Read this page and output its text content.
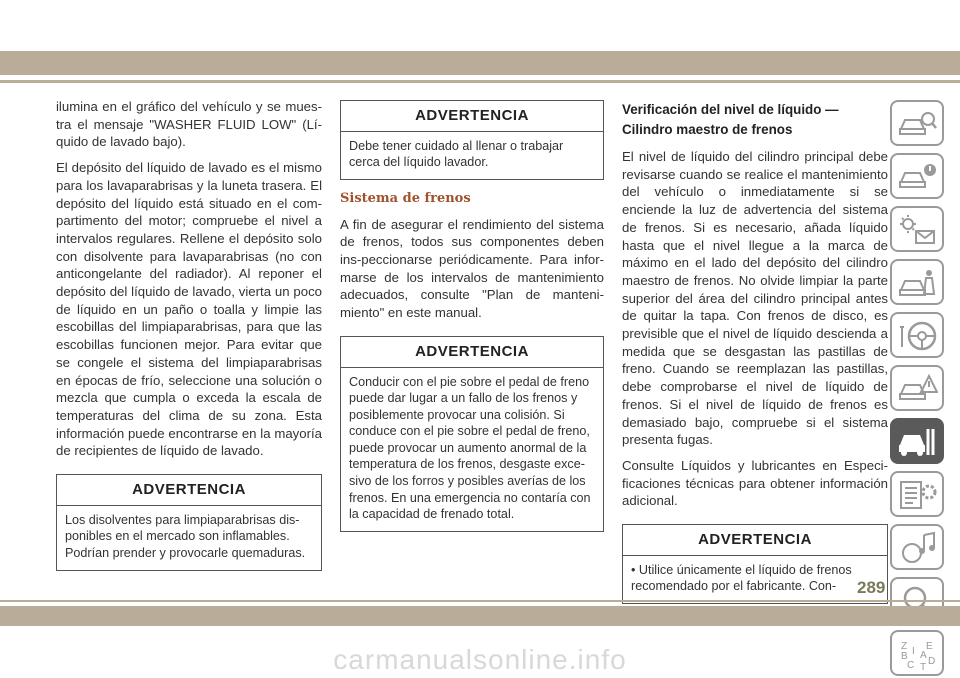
ilumina en el gráfico del vehículo y se mues-tra el mensaje "WASHER FLUID LOW" (Lí-quido de lavado bajo).

El depósito del líquido de lavado es el mismo para los lavaparabrisas y la luneta trasera. El depósito del líquido está situado en el com-partimento del motor; compruebe el nivel a intervalos regulares. Rellene el depósito solo con disolvente para lavaparabrisas (no con anticongelante del radiador). Al reponer el depósito del líquido de lavado, vierta un poco de líquido en un paño o toalla y limpie las escobillas del limpiaparabrisas, para que las escobillas funcionen mejor. Para evitar que se congele el sistema del limpiaparabrisas en épocas de frío, seleccione una solución o mezcla que cumpla o exceda la escala de temperaturas del clima de su zona. Esta información puede encontrarse en la mayoría de recipientes de líquido de lavado.

ADVERTENCIA
Los disolventes para limpiaparabrisas dis-ponibles en el mercado son inflamables. Podrían prender y provocarle quemaduras.
ADVERTENCIA
Debe tener cuidado al llenar o trabajar cerca del líquido lavador.
Sistema de frenos

A fin de asegurar el rendimiento del sistema de frenos, todos sus componentes deben ins-peccionarse periódicamente. Para infor-marse de los intervalos de mantenimiento adecuados, consulte "Plan de manteni-miento" en este manual.

ADVERTENCIA
Conducir con el pie sobre el pedal de freno puede dar lugar a un fallo de los frenos y posiblemente provocar una colisión. Si conduce con el pie sobre el pedal de freno, puede provocar un aumento anormal de la temperatura de los frenos, desgaste exce-sivo de los forros y posibles averías de los frenos. En una emergencia no contaría con la capacidad de frenado total.
Verificación del nivel de líquido — Cilindro maestro de frenos

El nivel de líquido del cilindro principal debe revisarse cuando se realice el mantenimiento del vehículo o inmediatamente si se enciende la luz de advertencia del sistema de frenos. Si es necesario, añada líquido hasta que el nivel llegue a la marca de máximo en el lado del depósito del cilindro maestro de frenos. No olvide limpiar la parte superior del área del cilindro principal antes de quitar la tapa. Con frenos de disco, es previsible que el nivel de líquido descienda a medida que se desgastan las pastillas de freno. Cuando se reemplazan las pastillas, debe comprobarse el nivel de líquido de frenos. Si el nivel de líquido de frenos es demasiado bajo, compruebe si el sistema presenta fugas.

Consulte Líquidos y lubricantes en Especi-ficaciones técnicas para obtener información adicional.

ADVERTENCIA
• Utilice únicamente el líquido de frenos recomendado por el fabricante. Con-
Z E
A
B
C D
T
I
289
carmanualsonline.info
